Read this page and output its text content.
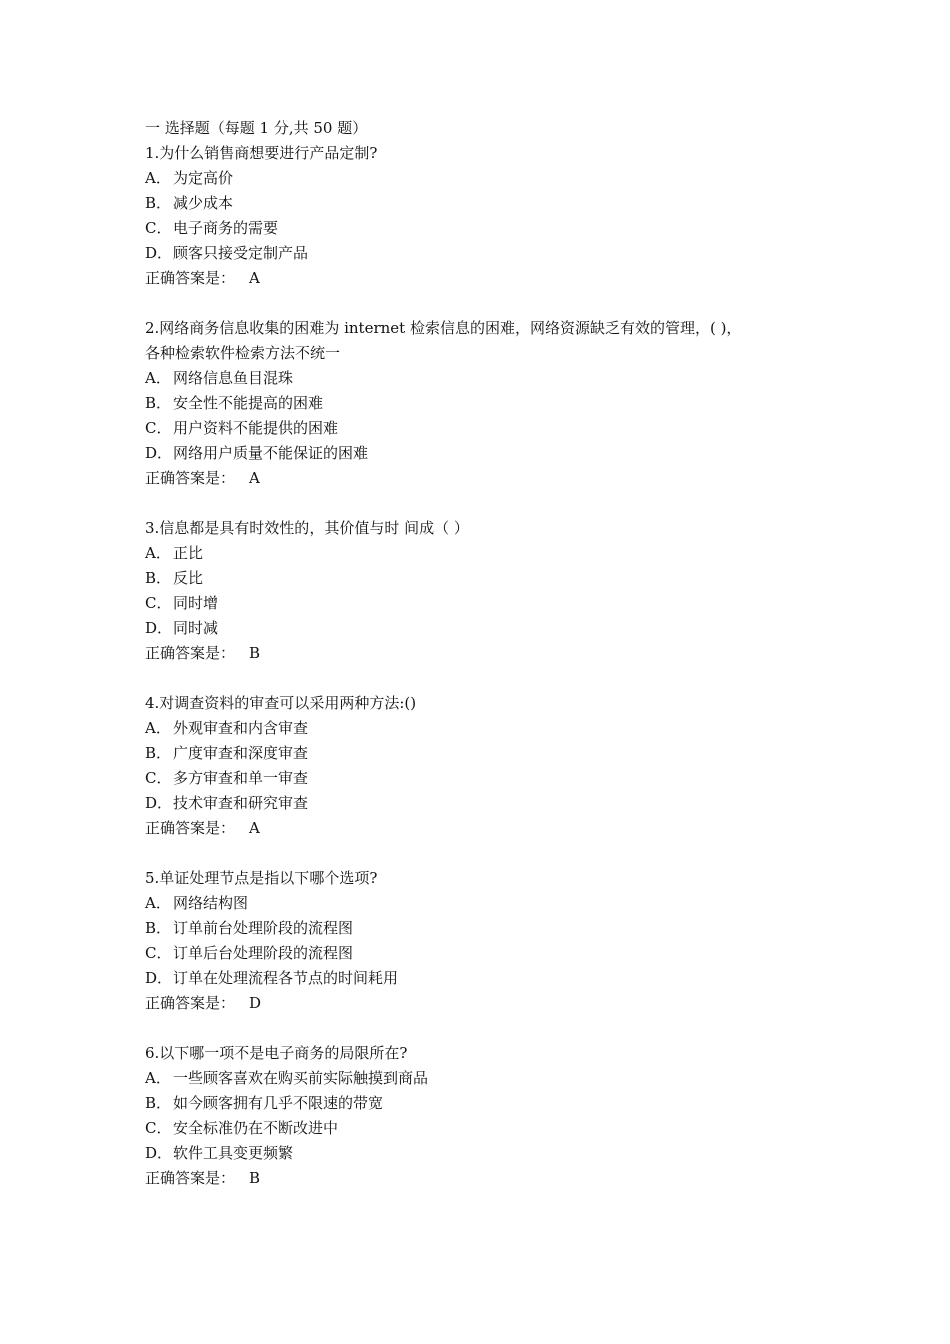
一 选择题（每题 1 分,共 50 题）
1.为什么销售商想要进行产品定制?
A． 为定高价
B． 减少成本
C． 电子商务的需要
D．顾客只接受定制产品
正确答案是： A
2.网络商务信息收集的困难为 internet 检索信息的困难，网络资源缺乏有效的管理，( )，
各种检索软件检索方法不统一
A． 网络信息鱼目混珠
B． 安全性不能提高的困难
C． 用户资料不能提供的困难
D．网络用户质量不能保证的困难
正确答案是： A
3.信息都是具有时效性的，其价值与时 间成（ ）
A． 正比
B． 反比
C． 同时增
D．同时减
正确答案是： B
4.对调查资料的审查可以采用两种方法:()
A． 外观审查和内含审查
B． 广度审查和深度审查
C． 多方审查和单一审查
D．技术审查和研究审查
正确答案是： A
5.单证处理节点是指以下哪个选项?
A． 网络结构图
B． 订单前台处理阶段的流程图
C． 订单后台处理阶段的流程图
D．订单在处理流程各节点的时间耗用
正确答案是： D
6.以下哪一项不是电子商务的局限所在?
A． 一些顾客喜欢在购买前实际触摸到商品
B． 如今顾客拥有几乎不限速的带宽
C． 安全标准仍在不断改进中
D．软件工具变更频繁
正确答案是： B
